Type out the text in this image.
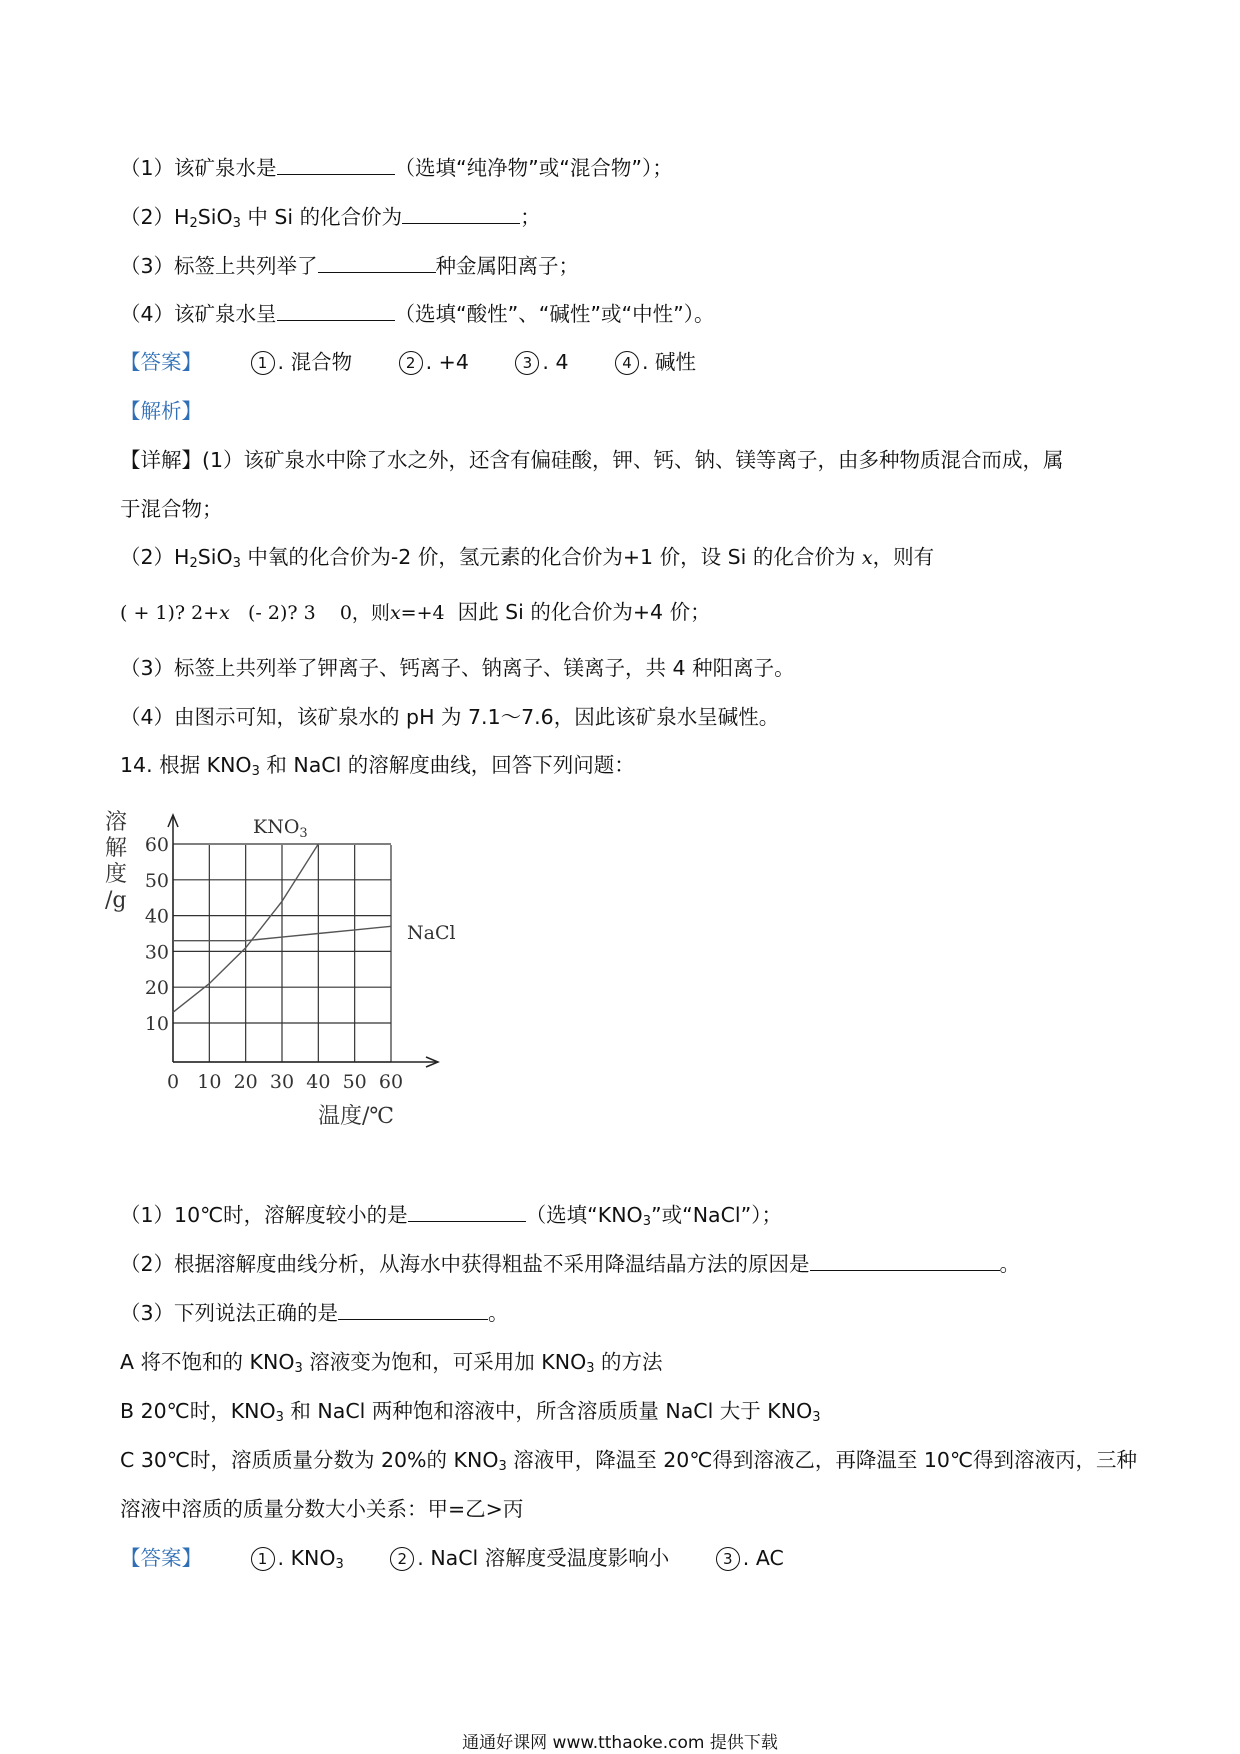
（1）该矿泉水是	（选填“纯净物”或“混合物”）；
$(2)H_2SiO_3$ 中 Si 的化合价为	；
（3）标签上共列举了	种金属阳离子；
（4）该矿泉水呈	（选填“酸性”、“碱性”或“中性”）。
【答案】	1 . 混合物	2 . +4	3 . 4	4 . 碱性
【解析】
【详解】(1）该矿泉水中除了水之外，还含有偏硅酸，钾、钙、钠、镁等离子，由多种物质混合而成，属
于混合物；
$(2)H_2SiO_3$ 中氧的化合价为-2 价，氢元素的化合价为+1 价，设 Si 的化合价为 x，则有
( + 1)? 2+x   (- 2)? 3    0，则x=+4  因此 Si 的化合价为+4 价；
（3）标签上共列举了钾离子、钙离子、钠离子、镁离子，共 4 种阳离子。
（4）由图示可知，该矿泉水的 pH 为 7.1～7.6，因此该矿泉水呈碱性。
14. 根据 $KNO_3$ 和 NaCl 的溶解度曲线，回答下列问题：
溶解度/g
10
20
30
40
50
60
0 10 20 30 40 50 60
温度/℃
$KNO_3$
NaCl
（1）10℃时，溶解度较小的是	（选填“$KNO_3$”或“NaCl”）；
（2）根据溶解度曲线分析，从海水中获得粗盐不采用降温结晶方法的原因是	。
（3）下列说法正确的是	。
A 将不饱和的 $KNO_3$ 溶液变为饱和，可采用加 $KNO_3$ 的方法
B 20℃时，$KNO_3$ 和 NaCl 两种饱和溶液中，所含溶质质量 NaCl 大于 $KNO_3$
C 30℃时，溶质质量分数为 20%的 $KNO_3$ 溶液甲，降温至 20℃得到溶液乙，再降温至 10℃得到溶液丙，三种
溶液中溶质的质量分数大小关系：甲=乙>丙
【答案】	1 . $KNO_3$	2 . NaCl 溶解度受温度影响小	3 . AC
通通好课网 www.tthaoke.com 提供下载
